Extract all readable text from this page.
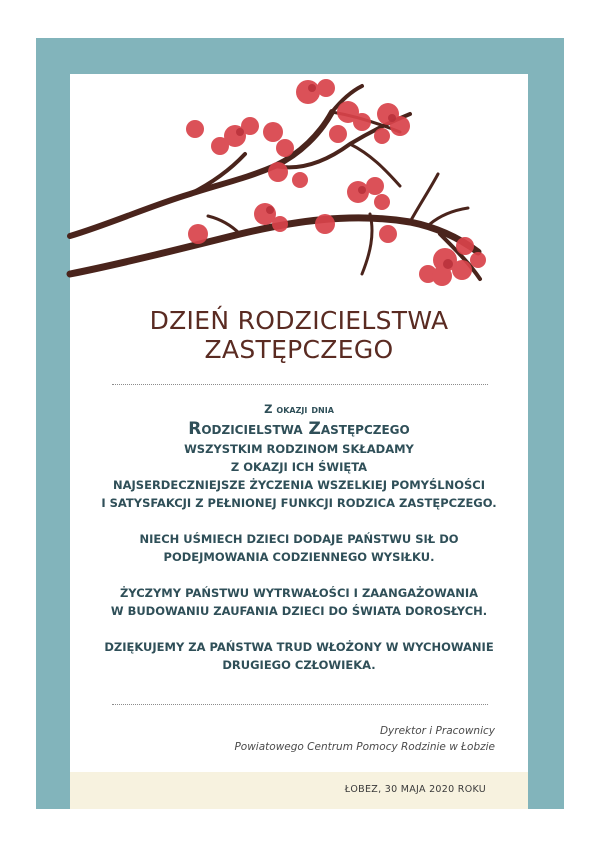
DZIEŃ RODZICIELSTWA
ZASTĘPCZEGO
Z okazji dnia
Rodzicielstwa Zastępczego
WSZYSTKIM RODZINOM SKŁADAMY
Z OKAZJI ICH ŚWIĘTA
NAJSERDECZNIEJSZE ŻYCZENIA WSZELKIEJ POMYŚLNOŚCI
I SATYSFAKCJI Z PEŁNIONEJ FUNKCJI RODZICA ZASTĘPCZEGO.
NIECH UŚMIECH DZIECI DODAJE PAŃSTWU SIŁ DO
PODEJMOWANIA CODZIENNEGO WYSIŁKU.
ŻYCZYMY PAŃSTWU WYTRWAŁOŚCI I ZAANGAŻOWANIA
W BUDOWANIU ZAUFANIA DZIECI DO ŚWIATA DOROSŁYCH.
DZIĘKUJEMY ZA PAŃSTWA TRUD WŁOŻONY W WYCHOWANIE
DRUGIEGO CZŁOWIEKA.
Dyrektor i Pracownicy
Powiatowego Centrum Pomocy Rodzinie w Łobzie
ŁOBEZ, 30 MAJA 2020 ROKU
